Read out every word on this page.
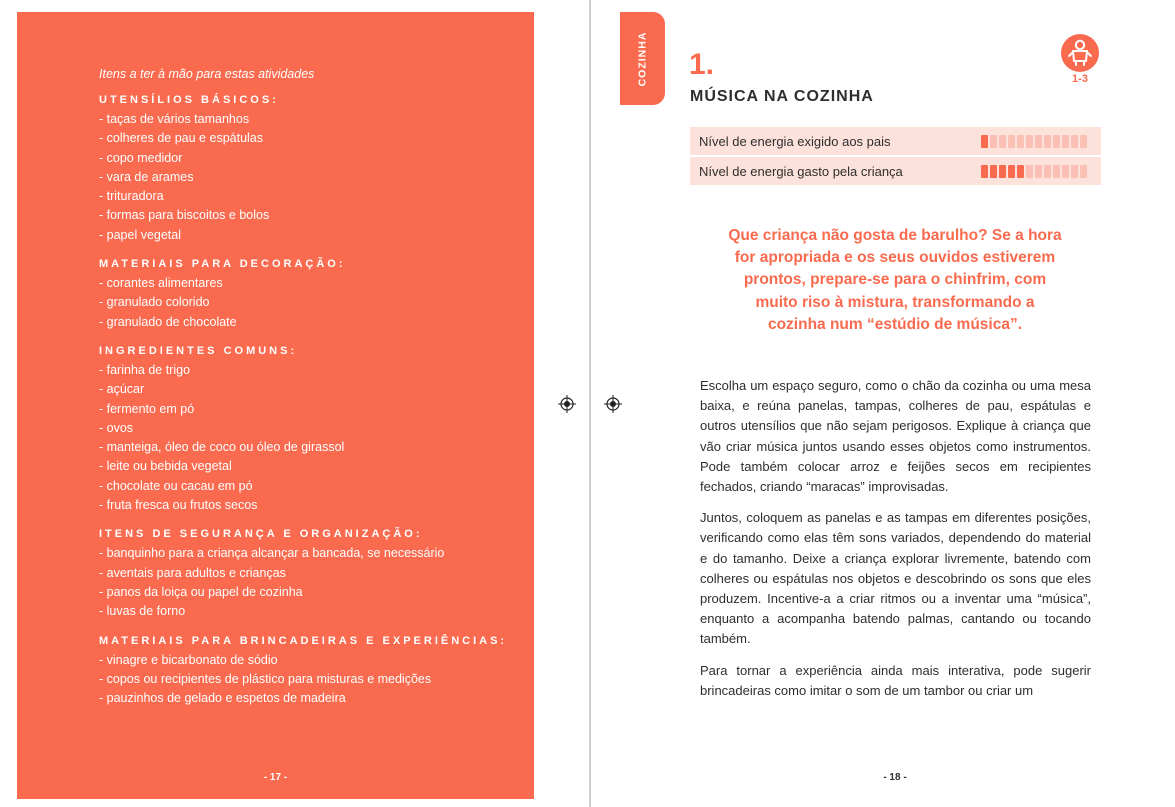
Itens a ter à mão para estas atividades
UTENSÍLIOS BÁSICOS:
- taças de vários tamanhos
- colheres de pau e espátulas
- copo medidor
- vara de arames
- trituradora
- formas para biscoitos e bolos
- papel vegetal
MATERIAIS PARA DECORAÇÃO:
- corantes alimentares
- granulado colorido
- granulado de chocolate
INGREDIENTES COMUNS:
- farinha de trigo
- açúcar
- fermento em pó
- ovos
- manteiga, óleo de coco ou óleo de girassol
- leite ou bebida vegetal
- chocolate ou cacau em pó
- fruta fresca ou frutos secos
ITENS DE SEGURANÇA E ORGANIZAÇÃO:
- banquinho para a criança alcançar a bancada, se necessário
- aventais para adultos e crianças
- panos da loiça ou papel de cozinha
- luvas de forno
MATERIAIS PARA BRINCADEIRAS E EXPERIÊNCIAS:
- vinagre e bicarbonato de sódio
- copos ou recipientes de plástico para misturas e medições
- pauzinhos de gelado e espetos de madeira
- 17 -
COZINHA 1.
MÚSICA NA COZINHA
1-3
Nível de energia exigido aos pais
Nível de energia gasto pela criança
Que criança não gosta de barulho? Se a hora
for apropriada e os seus ouvidos estiverem
prontos, prepare-se para o chinfrim, com
muito riso à mistura, transformando a
cozinha num “estúdio de música”.

Escolha um espaço seguro, como o chão da cozinha ou uma mesa baixa, e reúna panelas, tampas, colheres de pau, espátulas e outros utensílios que não sejam perigosos. Explique à criança que vão criar música juntos usando esses objetos como instrumentos. Pode também colocar arroz e feijões secos em recipientes fechados, criando “maracas” improvisadas.

Juntos, coloquem as panelas e as tampas em diferentes posições, verificando como elas têm sons variados, dependendo do material e do tamanho. Deixe a criança explorar livremente, batendo com colheres ou espátulas nos objetos e descobrindo os sons que eles produzem. Incentive-a a criar ritmos ou a inventar uma “música”, enquanto a acompanha batendo palmas, cantando ou tocando também.

Para tornar a experiência ainda mais interativa, pode sugerir brincadeiras como imitar o som de um tambor ou criar um

- 18 -
